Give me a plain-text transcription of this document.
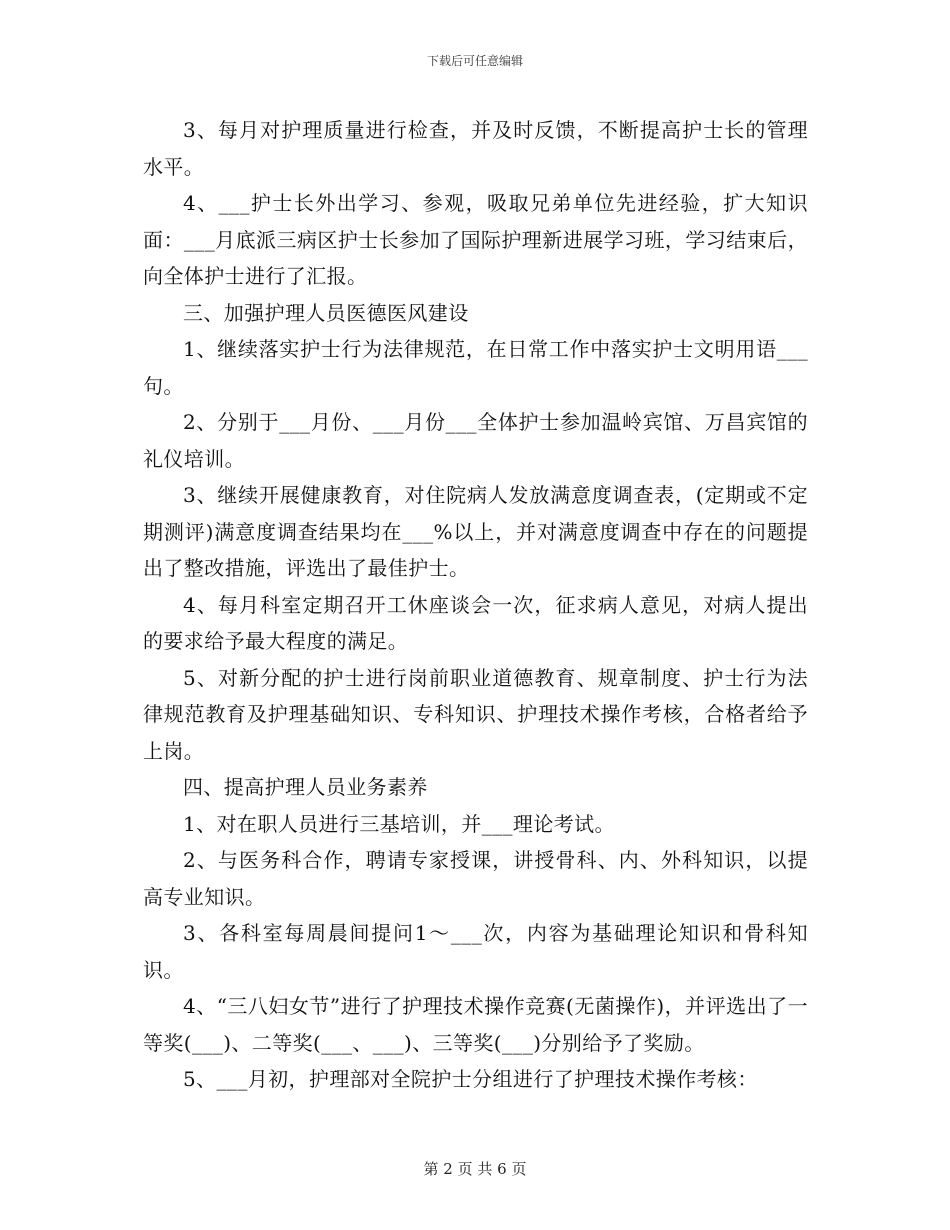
下载后可任意编辑

3、每月对护理质量进行检查，并及时反馈，不断提高护士长的管理水平。

4、___护士长外出学习、参观，吸取兄弟单位先进经验，扩大知识面：___月底派三病区护士长参加了国际护理新进展学习班，学习结束后，向全体护士进行了汇报。

三、加强护理人员医德医风建设

1、继续落实护士行为法律规范，在日常工作中落实护士文明用语___句。

2、分别于___月份、___月份___全体护士参加温岭宾馆、万昌宾馆的礼仪培训。

3、继续开展健康教育，对住院病人发放满意度调查表，(定期或不定期测评)满意度调查结果均在___%以上，并对满意度调查中存在的问题提出了整改措施，评选出了最佳护士。

4、每月科室定期召开工休座谈会一次，征求病人意见，对病人提出的要求给予最大程度的满足。

5、对新分配的护士进行岗前职业道德教育、规章制度、护士行为法律规范教育及护理基础知识、专科知识、护理技术操作考核，合格者给予上岗。

四、提高护理人员业务素养

1、对在职人员进行三基培训，并___理论考试。

2、与医务科合作，聘请专家授课，讲授骨科、内、外科知识，以提高专业知识。

3、各科室每周晨间提问1～___次，内容为基础理论知识和骨科知识。

4、“三八妇女节”进行了护理技术操作竞赛(无菌操作)，并评选出了一等奖(___)、二等奖(___、___)、三等奖(___)分别给予了奖励。

5、___月初，护理部对全院护士分组进行了护理技术操作考核：

第 2 页 共 6 页
